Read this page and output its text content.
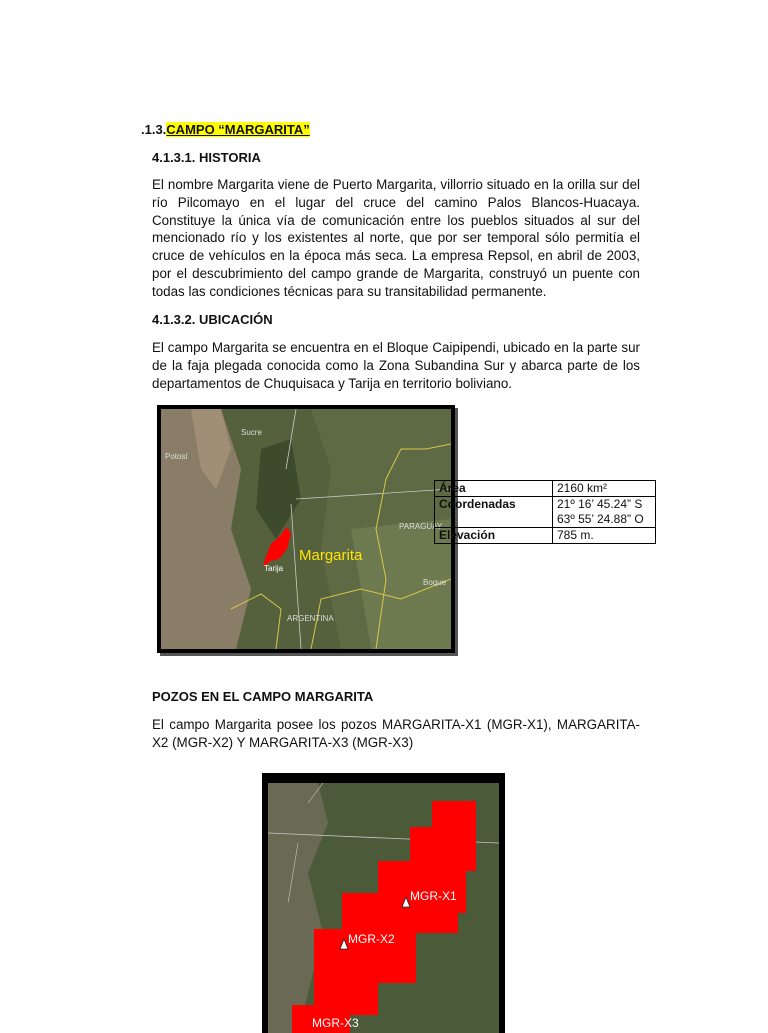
.1.3.CAMPO “MARGARITA”
4.1.3.1. HISTORIA

El nombre Margarita viene de Puerto Margarita, villorrio situado en la orilla sur del río Pilcomayo en el lugar del cruce del camino Palos Blancos-Huacaya. Constituye la única vía de comunicación entre los pueblos situados al sur del mencionado río y los existentes al norte, que por ser temporal sólo permitía el cruce de vehículos en la época más seca. La empresa Repsol, en abril de 2003, por el descubrimiento del campo grande de Margarita, construyó un puente con todas las condiciones técnicas para su transitabilidad permanente.

4.1.3.2. UBICACIÓN

El campo Margarita se encuentra en el Bloque Caipipendi, ubicado en la parte sur de la faja plegada conocida como la Zona Subandina Sur y abarca parte de los departamentos de Chuquisaca y Tarija en territorio boliviano.

Sucre
Potosí
Tarija
PARAGUAY
Boque
ARGENTINA
Margarita
Área	2160 km²
Coordenadas	21º 16’ 45.24” S
63º 55’ 24.88” O
Elevación	785 m.
POZOS EN EL CAMPO MARGARITA

El campo Margarita posee los pozos MARGARITA-X1 (MGR-X1), MARGARITA-X2 (MGR-X2) Y MARGARITA-X3 (MGR-X3)

MGR-X1
MGR-X2
MGR-X3
